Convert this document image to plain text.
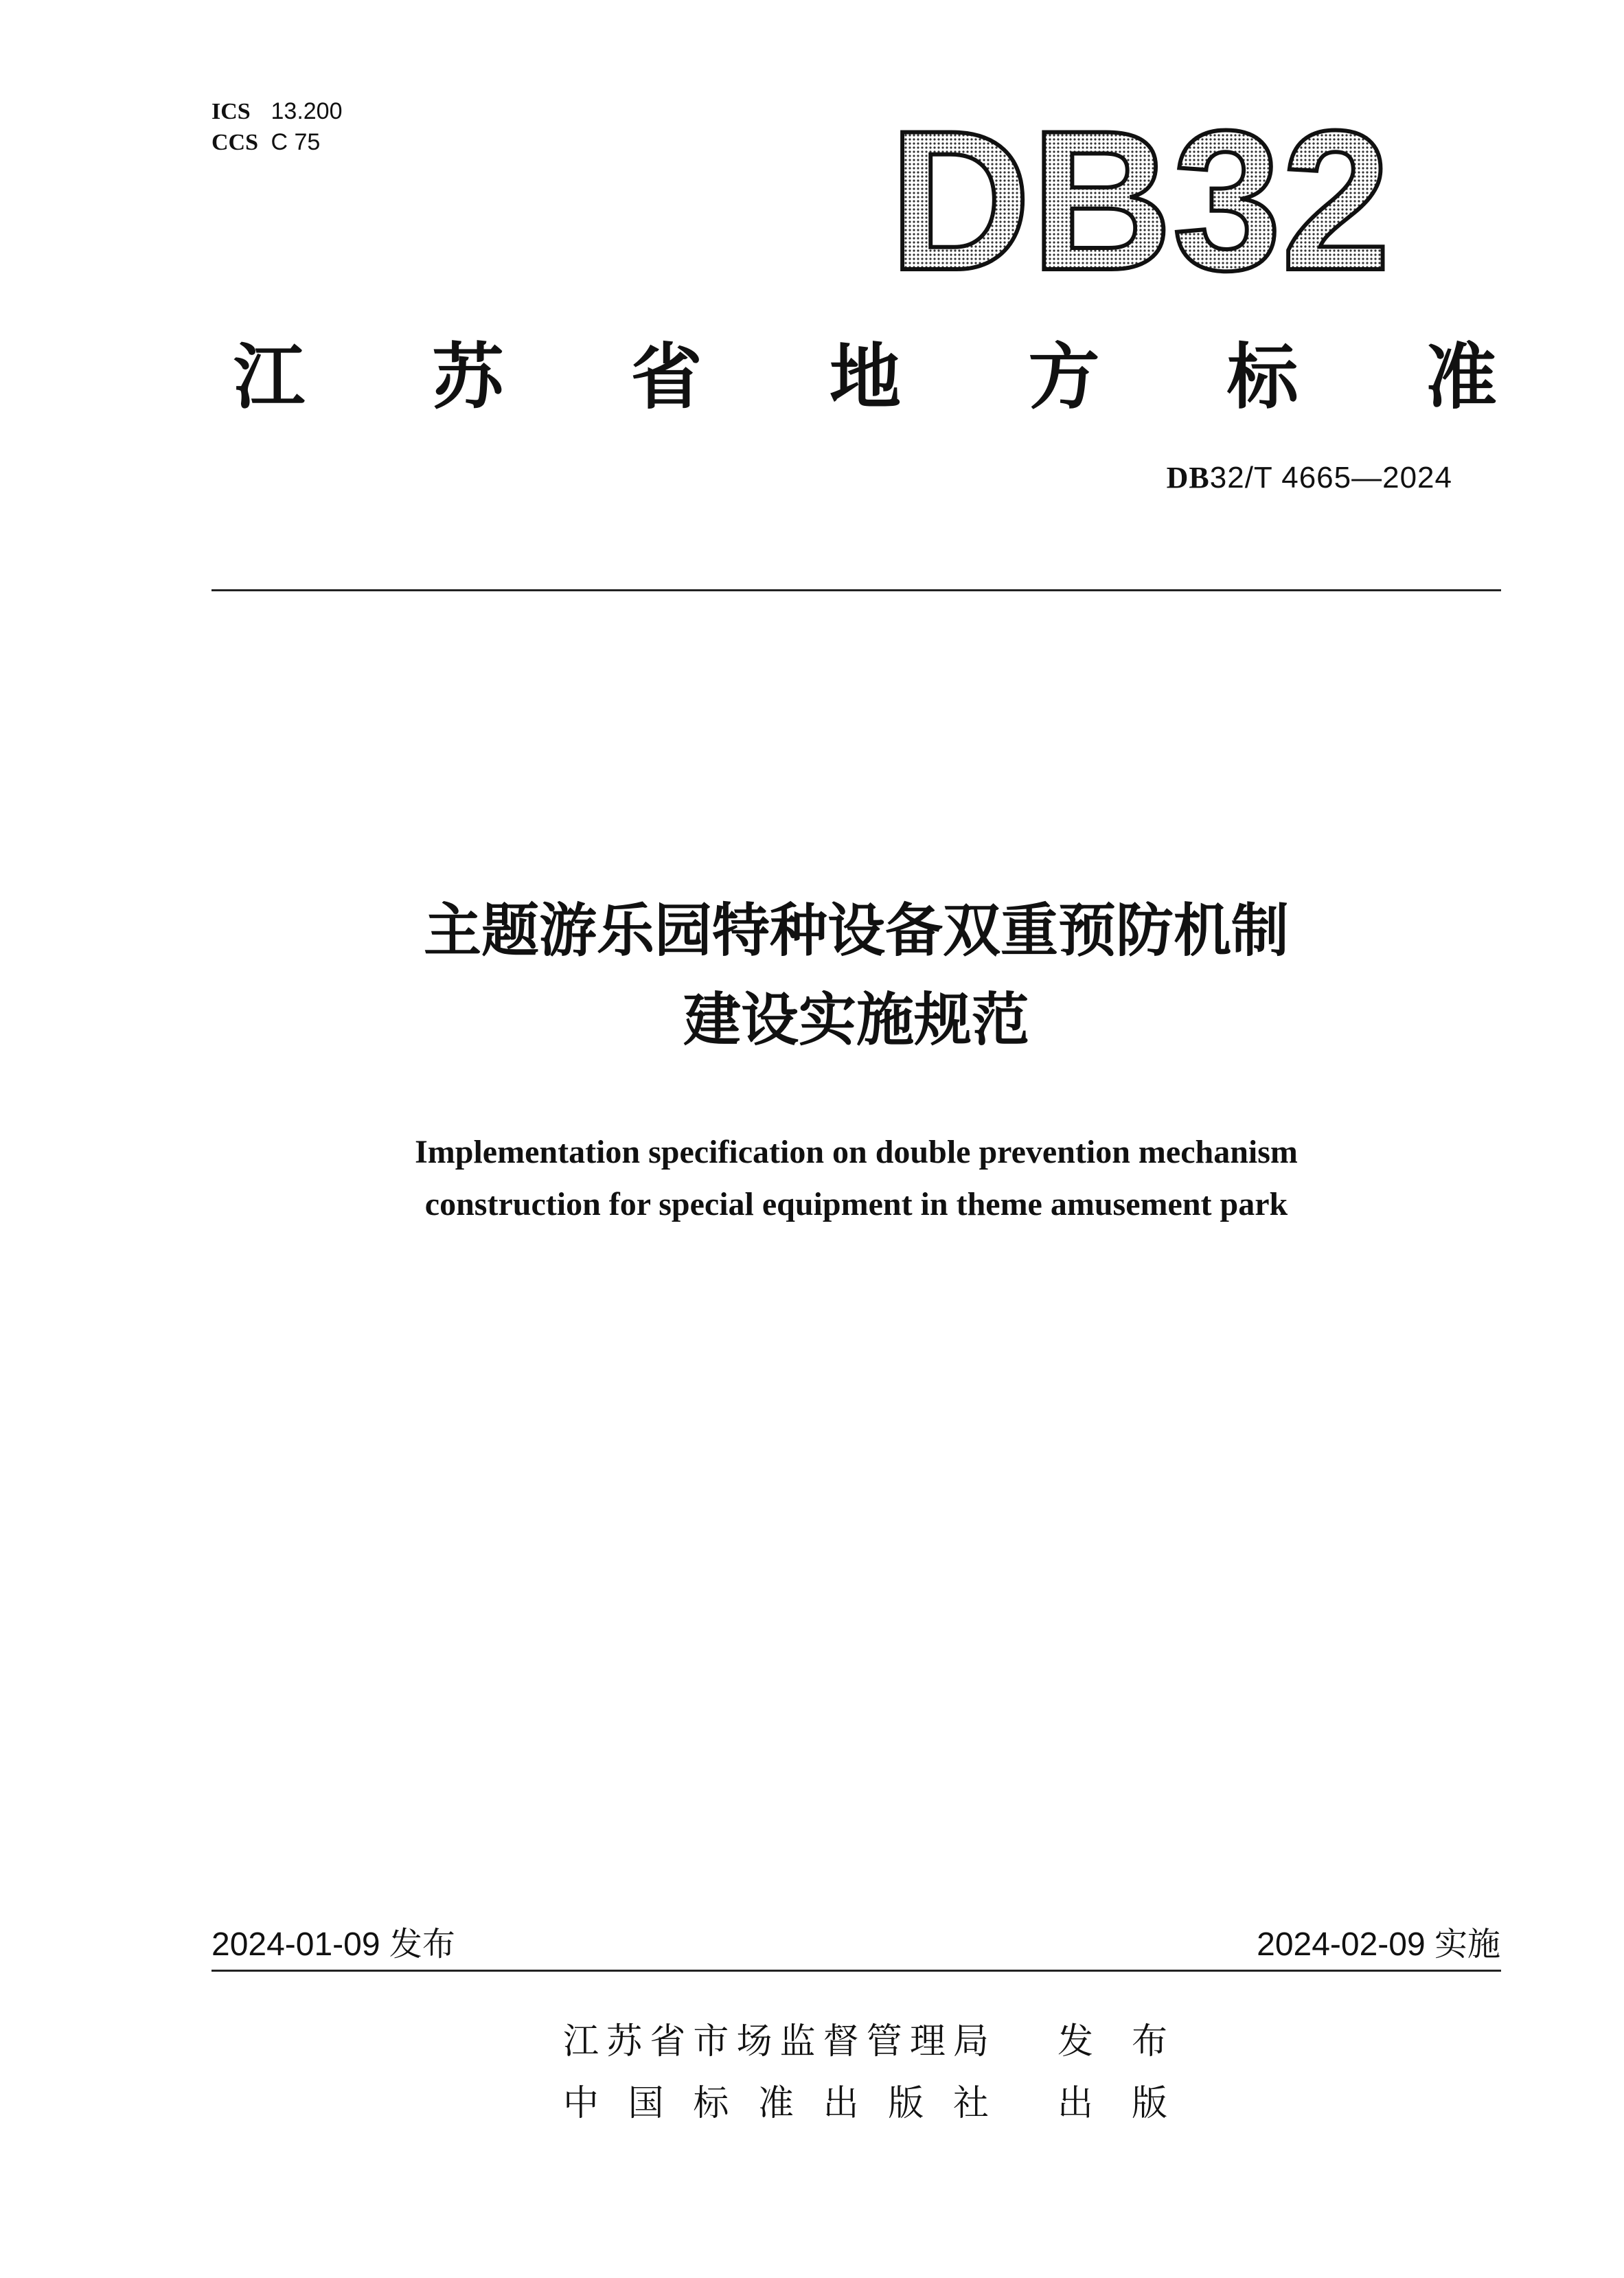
ICS 13.200
CCS C 75	DB32
江 苏 省 地 方 标 准
DB32/T 4665—2024
主题游乐园特种设备双重预防机制
建设实施规范
Implementation specification on double prevention mechanism
construction for special equipment in theme amusement park
2024-01-09 发布	2024-02-09 实施
江 苏 省 市 场 监 督 管 理 局 发 布
中 国 标 准 出 版 社 出 版
